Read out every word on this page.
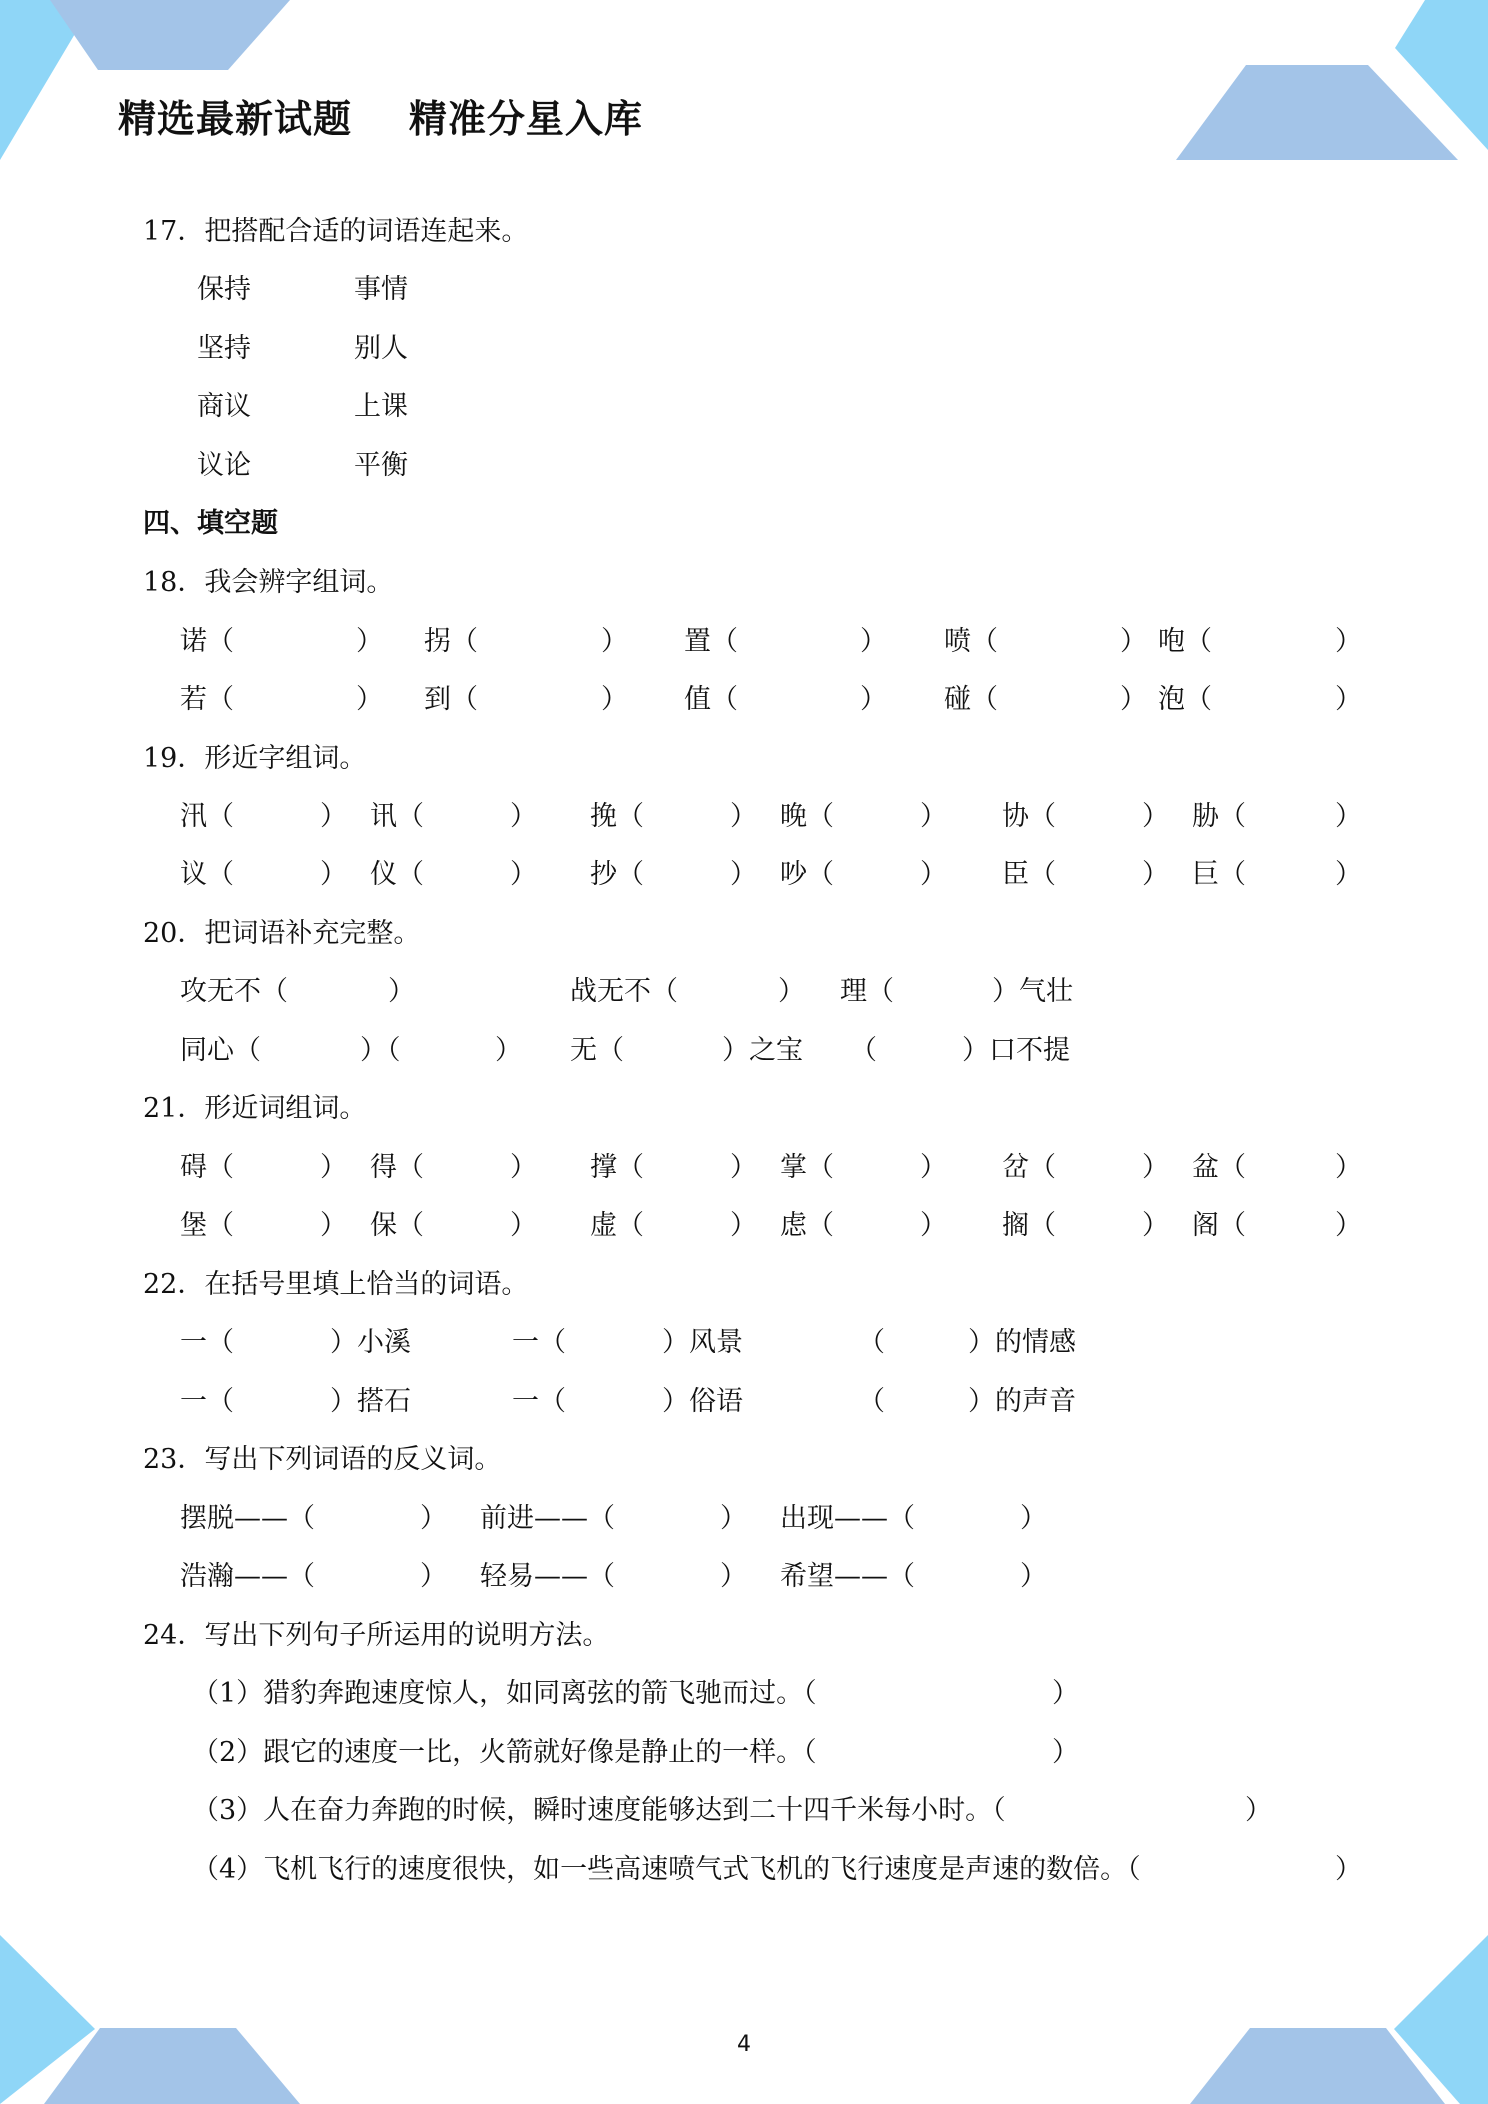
精选最新试题    精准分星入库
17．把搭配合适的词语连起来。
保持	事情
坚持	别人
商议	上课
议论	平衡
四、填空题
18．我会辨字组词。
诺（	） 拐（	） 置（	） 喷（	） 咆（	）
若（	） 到（	） 值（	） 碰（	） 泡（	）
19．形近字组词。
汛（	） 讯（	） 挽（	） 晚（	） 协（	） 胁（	）
议（	） 仪（	） 抄（	） 吵（	） 臣（	） 巨（	）
20．把词语补充完整。
攻无不（	）	战无不（	） 理（	）气壮
同心（	）（	） 无（	）之宝 （	）口不提
21．形近词组词。
碍（	） 得（	） 撑（	） 掌（	） 岔（	） 盆（	）
堡（	） 保（	） 虚（	） 虑（	） 搁（	） 阁（	）
22．在括号里填上恰当的词语。
一（	）小溪	一（	）风景	（	）的情感
一（	）搭石	一（	）俗语	（	）的声音
23．写出下列词语的反义词。
摆脱——（	） 前进——（	） 出现——（	）
浩瀚——（	） 轻易——（	） 希望——（	）
24．写出下列句子所运用的说明方法。
（1）猎豹奔跑速度惊人，如同离弦的箭飞驰而过。（	）
（2）跟它的速度一比，火箭就好像是静止的一样。（	）
（3）人在奋力奔跑的时候，瞬时速度能够达到二十四千米每小时。（	）
（4）飞机飞行的速度很快，如一些高速喷气式飞机的飞行速度是声速的数倍。（	）
4
